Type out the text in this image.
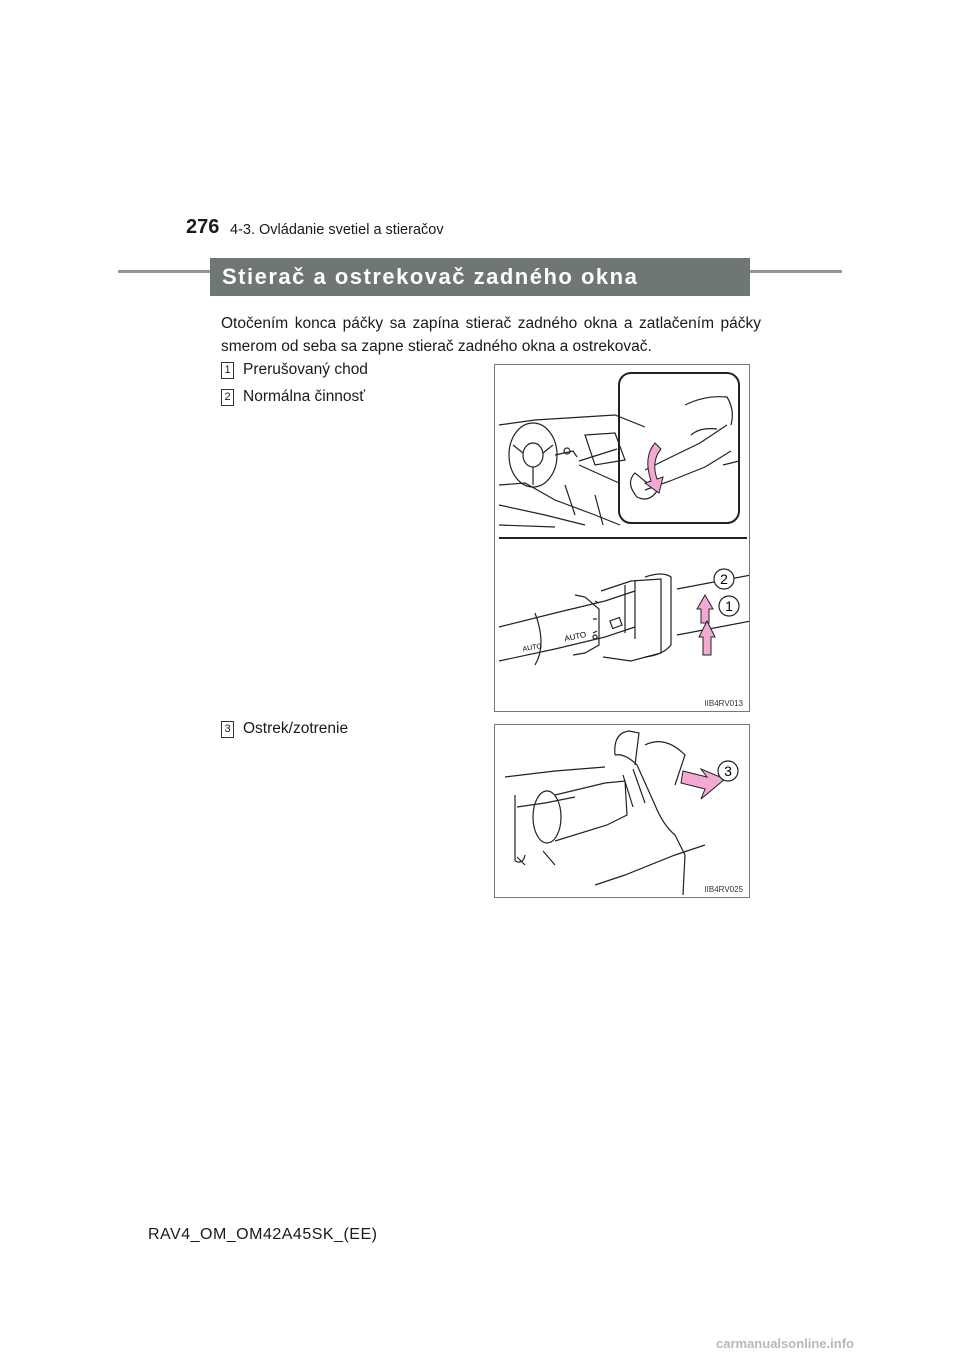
276 4-3. Ovládanie svetiel a stieračov
Stierač a ostrekovač zadného okna
Otočením konca páčky sa zapína stierač zadného okna a zatlačením páčky smerom od seba sa zapne stierač zadného okna a ostrekovač.
1 Prerušovaný chod
2 Normálna činnosť
3 Ostrek/zotrenie
AUTO
AUTO
2
1
IIB4RV013
3
IIB4RV025
RAV4_OM_OM42A45SK_(EE)
carmanualsonline.info
